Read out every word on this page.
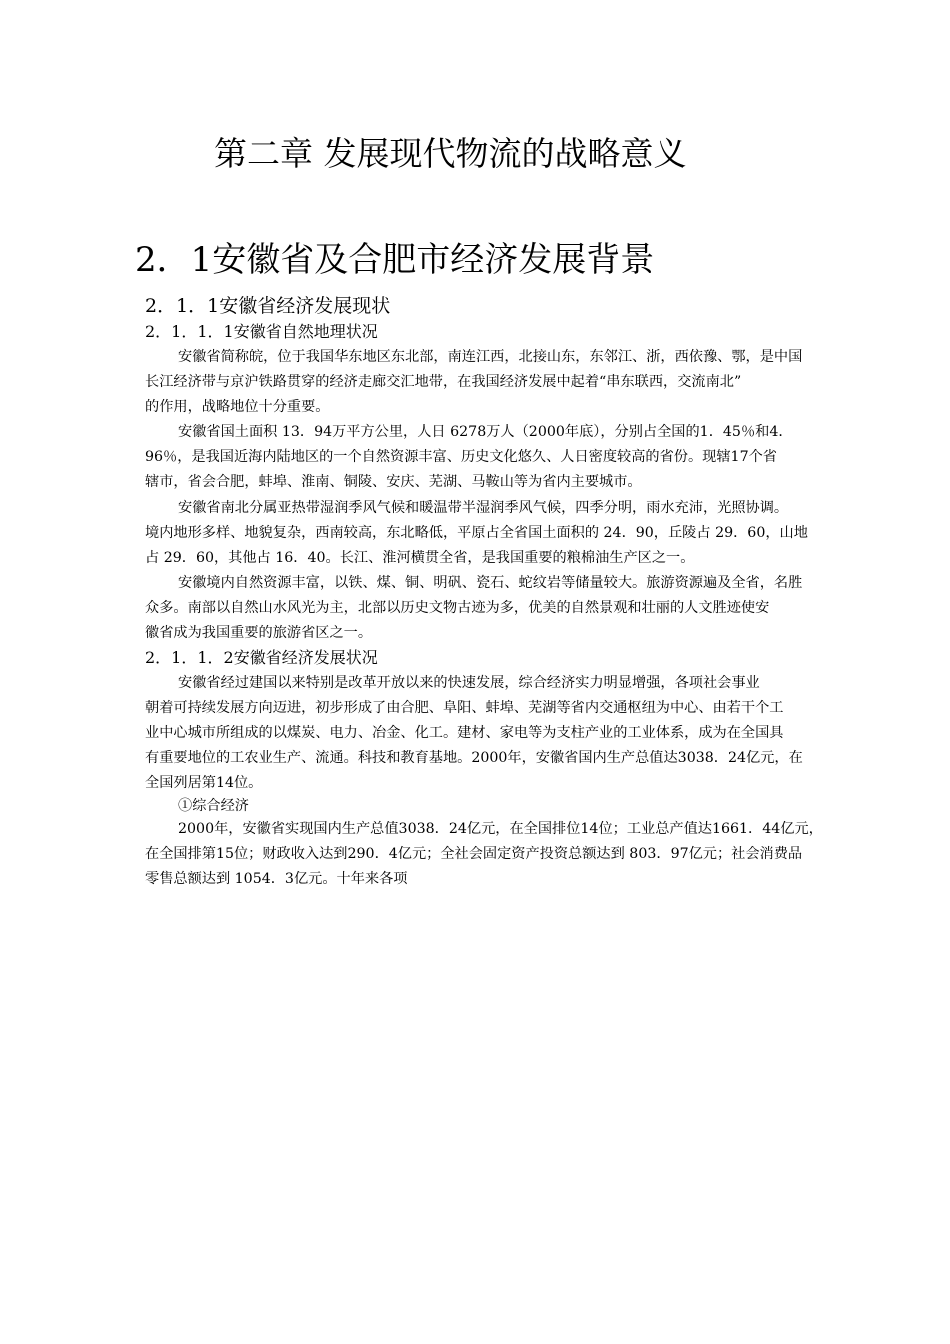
第二章 发展现代物流的战略意义
2．1安徽省及合肥市经济发展背景
2．1．1安徽省经济发展现状
2．1．1．1安徽省自然地理状况
安徽省简称皖，位于我国华东地区东北部，南连江西，北接山东，东邻江、浙，西依豫、鄂，是中国
长江经济带与京沪铁路贯穿的经济走廊交汇地带，在我国经济发展中起着“串东联西，交流南北”
的作用，战略地位十分重要。
安徽省国土面积 13．94万平方公里，人日 6278万人（2000年底），分别占全国的1．45％和4．
96％，是我国近海内陆地区的一个自然资源丰富、历史文化悠久、人日密度较高的省份。现辖17个省
辖市，省会合肥，蚌埠、淮南、铜陵、安庆、芜湖、马鞍山等为省内主要城市。
安徽省南北分属亚热带湿润季风气候和暖温带半湿润季风气候，四季分明，雨水充沛，光照协调。
境内地形多样、地貌复杂，西南较高，东北略低，平原占全省国土面积的 24．90，丘陵占 29．60，山地
占 29．60，其他占 16．40。长江、淮河横贯全省，是我国重要的粮棉油生产区之一。
安徽境内自然资源丰富，以铁、煤、铜、明矾、瓷石、蛇纹岩等储量较大。旅游资源遍及全省，名胜
众多。南部以自然山水风光为主，北部以历史文物古迹为多，优美的自然景观和壮丽的人文胜迹使安
徽省成为我国重要的旅游省区之一。
2．1．1．2安徽省经济发展状况
安徽省经过建国以来特别是改革开放以来的快速发展，综合经济实力明显增强，各项社会事业
朝着可持续发展方向迈进，初步形成了由合肥、阜阳、蚌埠、芜湖等省内交通枢纽为中心、由若干个工
业中心城市所组成的以煤炭、电力、冶金、化工。建材、家电等为支柱产业的工业体系，成为在全国具
有重要地位的工农业生产、流通。科技和教育基地。2000年，安徽省国内生产总值达3038．24亿元，在
全国列居第14位。
①综合经济
2000年，安徽省实现国内生产总值3038．24亿元，在全国排位14位；工业总产值达1661．44亿元，
在全国排第15位；财政收入达到290．4亿元；全社会固定资产投资总额达到 803．97亿元；社会消费品
零售总额达到 1054．3亿元。十年来各项
